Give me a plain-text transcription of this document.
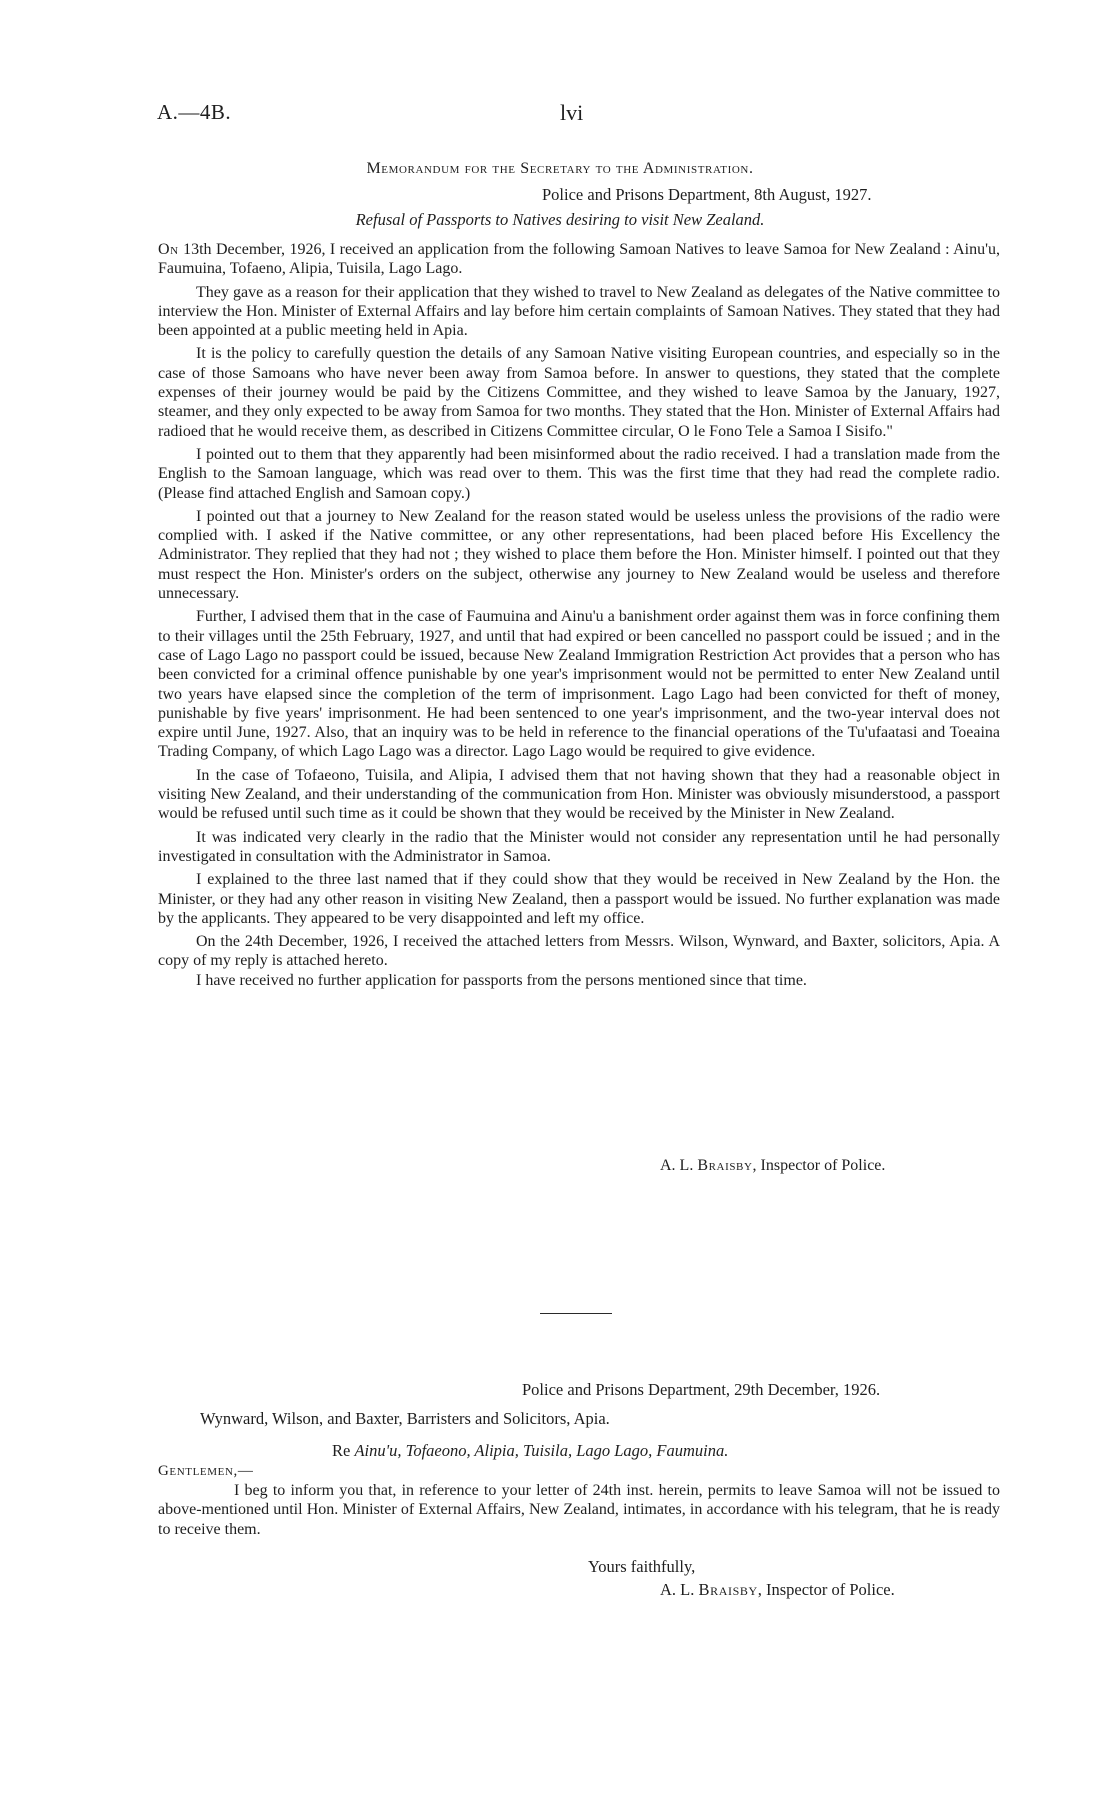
A.—4B.	lvi
Memorandum for the Secretary to the Administration.
Police and Prisons Department, 8th August, 1927.
Refusal of Passports to Natives desiring to visit New Zealand.

On 13th December, 1926, I received an application from the following Samoan Natives to leave Samoa for New Zealand : Ainu'u, Faumuina, Tofaeno, Alipia, Tuisila, Lago Lago.

They gave as a reason for their application that they wished to travel to New Zealand as delegates of the Native committee to interview the Hon. Minister of External Affairs and lay before him certain complaints of Samoan Natives. They stated that they had been appointed at a public meeting held in Apia.

It is the policy to carefully question the details of any Samoan Native visiting European countries, and especially so in the case of those Samoans who have never been away from Samoa before. In answer to questions, they stated that the complete expenses of their journey would be paid by the Citizens Committee, and they wished to leave Samoa by the January, 1927, steamer, and they only expected to be away from Samoa for two months. They stated that the Hon. Minister of External Affairs had radioed that he would receive them, as described in Citizens Committee circular, O le Fono Tele a Samoa I Sisifo."

I pointed out to them that they apparently had been misinformed about the radio received. I had a translation made from the English to the Samoan language, which was read over to them. This was the first time that they had read the complete radio. (Please find attached English and Samoan copy.)

I pointed out that a journey to New Zealand for the reason stated would be useless unless the provisions of the radio were complied with. I asked if the Native committee, or any other representations, had been placed before His Excellency the Administrator. They replied that they had not ; they wished to place them before the Hon. Minister himself. I pointed out that they must respect the Hon. Minister's orders on the subject, otherwise any journey to New Zealand would be useless and therefore unnecessary.

Further, I advised them that in the case of Faumuina and Ainu'u a banishment order against them was in force confining them to their villages until the 25th February, 1927, and until that had expired or been cancelled no passport could be issued ; and in the case of Lago Lago no passport could be issued, because New Zealand Immigration Restriction Act provides that a person who has been convicted for a criminal offence punishable by one year's imprisonment would not be permitted to enter New Zealand until two years have elapsed since the completion of the term of imprisonment. Lago Lago had been convicted for theft of money, punishable by five years' imprisonment. He had been sentenced to one year's imprisonment, and the two-year interval does not expire until June, 1927. Also, that an inquiry was to be held in reference to the financial operations of the Tu'ufaatasi and Toeaina Trading Company, of which Lago Lago was a director. Lago Lago would be required to give evidence.

In the case of Tofaeono, Tuisila, and Alipia, I advised them that not having shown that they had a reasonable object in visiting New Zealand, and their understanding of the communication from Hon. Minister was obviously misunderstood, a passport would be refused until such time as it could be shown that they would be received by the Minister in New Zealand.

It was indicated very clearly in the radio that the Minister would not consider any representation until he had personally investigated in consultation with the Administrator in Samoa.

I explained to the three last named that if they could show that they would be received in New Zealand by the Hon. the Minister, or they had any other reason in visiting New Zealand, then a passport would be issued. No further explanation was made by the applicants. They appeared to be very disappointed and left my office.

On the 24th December, 1926, I received the attached letters from Messrs. Wilson, Wynward, and Baxter, solicitors, Apia. A copy of my reply is attached hereto.

I have received no further application for passports from the persons mentioned since that time.

A. L. Braisby, Inspector of Police.
Police and Prisons Department, 29th December, 1926.
Wynward, Wilson, and Baxter, Barristers and Solicitors, Apia.
Re Ainu'u, Tofaeono, Alipia, Tuisila, Lago Lago, Faumuina.
Gentlemen,—

I beg to inform you that, in reference to your letter of 24th inst. herein, permits to leave Samoa will not be issued to above-mentioned until Hon. Minister of External Affairs, New Zealand, intimates, in accordance with his telegram, that he is ready to receive them.

Yours faithfully,
A. L. Braisby, Inspector of Police.
